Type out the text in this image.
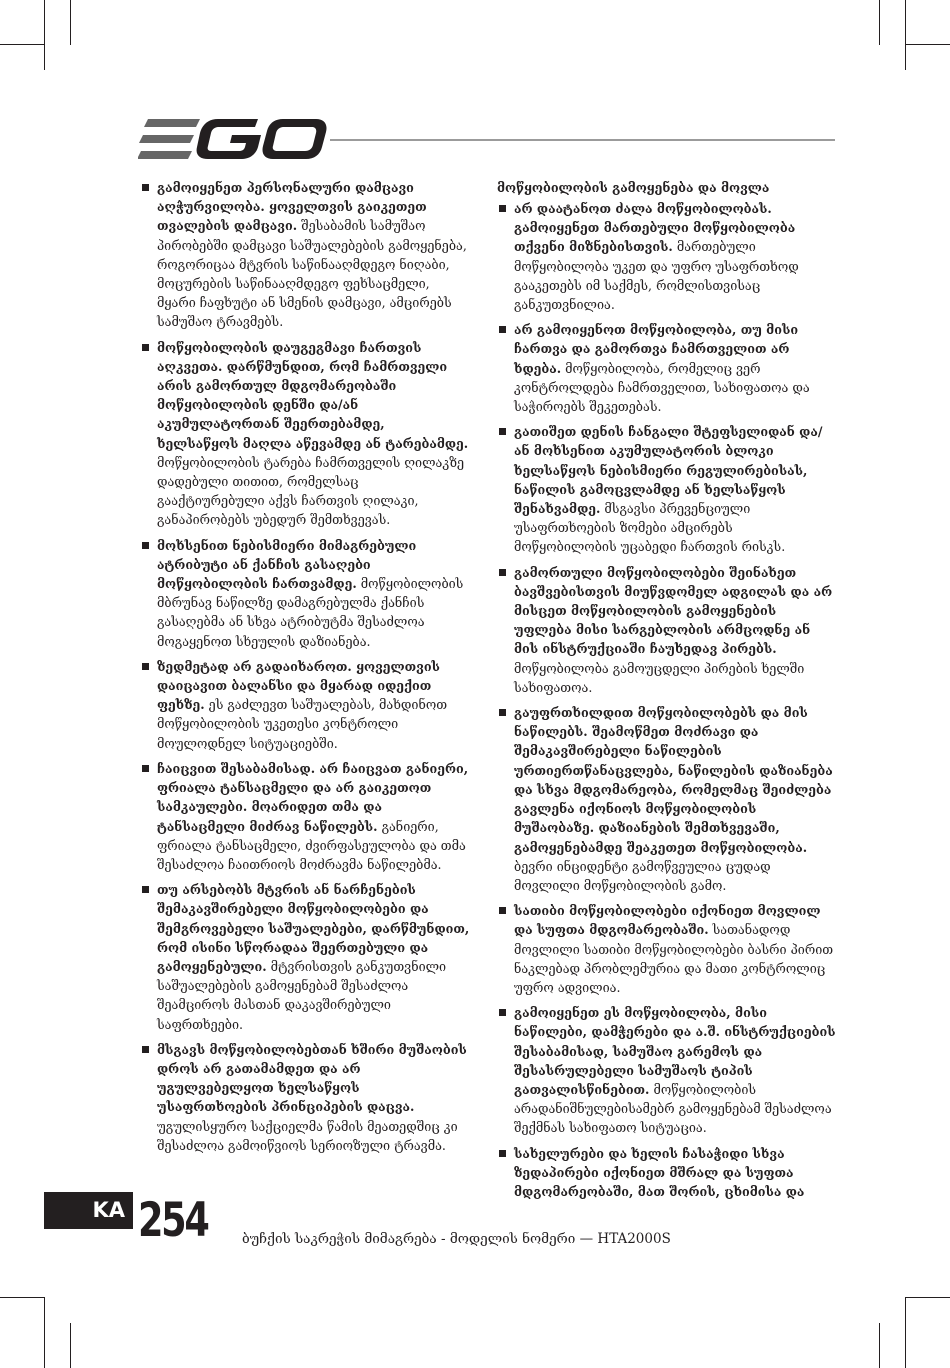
გამოიყენეთ პერსონალური დამცავი აღჭურვილობა. ყოველთვის გაიკეთეთ თვალების დამცავი. შესაბამის სამუშაო პირობებში დამცავი საშუალებების გამოყენება, როგორიცაა მტვრის საწინააღმდეგო ნიღაბი, მოცურების საწინააღმდეგო ფეხსაცმელი, მყარი ჩაფხუტი ან სმენის დამცავი, ამცირებს სამუშაო ტრავმებს.
მოწყობილობის დაუგეგმავი ჩართვის აღკვეთა. დარწმუნდით, რომ ჩამრთველი არის გამორთულ მდგომარეობაში მოწყობილობის დენში და/ან აკუმულატორთან შეერთებამდე, ხელსაწყოს მაღლა აწევამდე ან ტარებამდე. მოწყობილობის ტარება ჩამრთველის ღილაკზე დადებული თითით, რომელსაც გააქტიურებული აქვს ჩართვის ღილაკი, განაპირობებს უბედურ შემთხვევას.
მოხსენით ნებისმიერი მიმაგრებული ატრიბუტი ან ქანჩის გასაღები მოწყობილობის ჩართვამდე. მოწყობილობის მბრუნავ ნაწილზე დამაგრებულმა ქანჩის გასაღებმა ან სხვა ატრიბუტმა შესაძლოა მოგაყენოთ სხეულის დაზიანება.
ზედმეტად არ გადაიხაროთ. ყოველთვის დაიცავით ბალანსი და მყარად იდექით ფეხზე. ეს გაძლევთ საშუალებას, მახდინოთ მოწყობილობის უკეთესი კონტროლი მოულოდნელ სიტუაციებში.
ჩაიცვით შესაბამისად. არ ჩაიცვათ განიერი, ფრიალა ტანსაცმელი და არ გაიკეთოთ სამკაულები. მოარიდეთ თმა და ტანსაცმელი მიძრავ ნაწილებს. განიერი, ფრიალა ტანსაცმელი, ძვირფასეულობა და თმა შესაძლოა ჩაითრიოს მოძრავმა ნაწილებმა.
თუ არსებობს მტვრის ან ნარჩენების შემაკავშირებელი მოწყობილობები და შემგროვებელი საშუალებები, დარწმუნდით, რომ ისინი სწორადაა შეერთებული და გამოყენებული. მტვრისთვის განკუთვნილი საშუალებების გამოყენებამ შესაძლოა შეამციროს მასთან დაკავშირებული საფრთხეები.
მსგავს მოწყობილობებთან ხშირი მუშაობის დროს არ გათამამდეთ და არ უგულვებელყოთ ხელსაწყოს უსაფრთხოების პრინციპების დაცვა. უგულისყურო საქციელმა წამის მეათედშიც კი შესაძლოა გამოიწვიოს სერიოზული ტრავმა.
მოწყობილობის გამოყენება და მოვლა
არ დაატანოთ ძალა მოწყობილობას. გამოიყენეთ მართებული მოწყობილობა თქვენი მიზნებისთვის. მართებული მოწყობილობა უკეთ და უფრო უსაფრთხოდ გააკეთებს იმ საქმეს, რომლისთვისაც განკუთვნილია.
არ გამოიყენოთ მოწყობილობა, თუ მისი ჩართვა და გამორთვა ჩამრთველით არ ხდება. მოწყობილობა, რომელიც ვერ კონტროლდება ჩამრთველით, სახიფათოა და საჭიროებს შეკეთებას.
გათიშეთ დენის ჩანგალი შტეფსელიდან და/ან მოხსენით აკუმულატორის ბლოკი ხელსაწყოს ნებისმიერი რეგულირებისას, ნაწილის გამოცვლამდე ან ხელსაწყოს შენახვამდე. მსგავსი პრევენციული უსაფრთხოების ზომები ამცირებს მოწყობილობის უცაბედი ჩართვის რისკს.
გამორთული მოწყობილობები შეინახეთ ბავშვებისთვის მიუწვდომელ ადგილას და არ მისცეთ მოწყობილობის გამოყენების უფლება მისი სარგებლობის არმცოდნე ან მის ინსტრუქციაში ჩაუხედავ პირებს. მოწყობილობა გამოუცდელი პირების ხელში სახიფათოა.
გაუფრთხილდით მოწყობილობებს და მის ნაწილებს. შეამოწმეთ მოძრავი და შემაკავშირებელი ნაწილების ურთიერთწანაცვლება, ნაწილების დაზიანება და სხვა მდგომარეობა, რომელმაც შეიძლება გავლენა იქონიოს მოწყობილობის მუშაობაზე. დაზიანების შემთხვევაში, გამოყენებამდე შეაკეთეთ მოწყობილობა. ბევრი ინციდენტი გამოწვეულია ცუდად მოვლილი მოწყობილობის გამო.
სათიბი მოწყობილობები იქონიეთ მოვლილ და სუფთა მდგომარეობაში. სათანადოდ მოვლილი სათიბი მოწყობილობები ბასრი პირით ნაკლებად პრობლემურია და მათი კონტროლიც უფრო ადვილია.
გამოიყენეთ ეს მოწყობილობა, მისი ნაწილები, დამჭერები და ა.შ. ინსტრუქციების შესაბამისად, სამუშაო გარემოს და შესასრულებელი სამუშაოს ტიპის გათვალისწინებით. მოწყობილობის არადანიშნულებისამებრ გამოყენებამ შესაძლოა შექმნას სახიფათო სიტუაცია.
სახელურები და ხელის ჩასაჭიდი სხვა ზედაპირები იქონიეთ მშრალ და სუფთა მდგომარეობაში, მათ შორის, ცხიმისა და
KA 254	ბუჩქის საკრეჭის მიმაგრება - მოდელის ნომერი — HTA2000S
